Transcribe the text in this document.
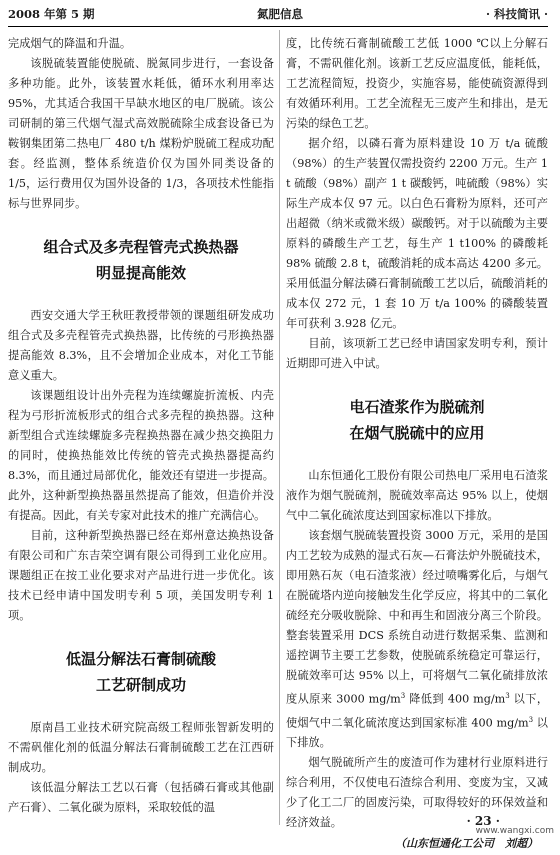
2008 年第 5 期	氮肥信息	· 科技简讯 ·

完成烟气的降温和升温。

该脱硫装置能使脱硫、脱氮同步进行，一套设备多种功能。此外，该装置水耗低，循环水利用率达 95%，尤其适合我国干旱缺水地区的电厂脱硫。该公司研制的第三代烟气湿式高效脱硫除尘成套设备已为鞍钢集团第二热电厂 480 t/h 煤粉炉脱硫工程成功配套。经监测，整体系统造价仅为国外同类设备的 1/5，运行费用仅为国外设备的 1/3，各项技术性能指标与世界同步。

组合式及多壳程管壳式换热器
明显提高能效

西安交通大学王秋旺教授带领的课题组研发成功组合式及多壳程管壳式换热器，比传统的弓形换热器提高能效 8.3%，且不会增加企业成本，对化工节能意义重大。

该课题组设计出外壳程为连续螺旋折流板、内壳程为弓形折流板形式的组合式多壳程的换热器。这种新型组合式连续螺旋多壳程换热器在减少热交换阻力的同时，使换热能效比传统的管壳式换热器提高约 8.3%，而且通过局部优化，能效还有望进一步提高。此外，这种新型换热器虽然提高了能效，但造价并没有提高。因此，有关专家对此技术的推广充满信心。

目前，这种新型换热器已经在郑州意达换热设备有限公司和广东吉荣空调有限公司得到工业化应用。课题组正在按工业化要求对产品进行进一步优化。该技术已经申请中国发明专利 5 项，美国发明专利 1 项。

低温分解法石膏制硫酸
工艺研制成功

原南昌工业技术研究院高级工程师张智新发明的不需矾催化剂的低温分解法石膏制硫酸工艺在江西研制成功。

该低温分解法工艺以石膏（包括磷石膏或其他副产石膏）、二氧化碳为原料，采取较低的温

度，比传统石膏制硫酸工艺低 1000 ℃以上分解石膏，不需矾催化剂。该新工艺反应温度低，能耗低，工艺流程简短，投资少，实施容易，能使硫资源得到有效循环利用。工艺全流程无三废产生和排出，是无污染的绿色工艺。

据介绍，以磷石膏为原料建设 10 万 t/a 硫酸（98%）的生产装置仅需投资约 2200 万元。生产 1 t 硫酸（98%）副产 1 t 碳酸钙，吨硫酸（98%）实际生产成本仅 97 元。以白色石膏粉为原料，还可产出超微（纳米或微米级）碳酸钙。对于以硫酸为主要原料的磷酸生产工艺，每生产 1 t100% 的磷酸耗 98% 硫酸 2.8 t，硫酸消耗的成本高达 4200 多元。采用低温分解法磷石膏制硫酸工艺以后，硫酸消耗的成本仅 272 元，1 套 10 万 t/a 100% 的磷酸装置年可获利 3.928 亿元。

目前，该项新工艺已经申请国家发明专利，预计近期即可进入中试。

电石渣浆作为脱硫剂
在烟气脱硫中的应用

山东恒通化工股份有限公司热电厂采用电石渣浆液作为烟气脱硫剂，脱硫效率高达 95% 以上，使烟气中二氧化硫浓度达到国家标准以下排放。

该套烟气脱硫装置投资 3000 万元，采用的是国内工艺较为成熟的湿式石灰—石膏法炉外脱硫技术，即用熟石灰（电石渣浆液）经过喷嘴雾化后，与烟气在脱硫塔内逆向接触发生化学反应，将其中的二氧化硫经充分吸收脱除、中和再生和固液分离三个阶段。整套装置采用 DCS 系统自动进行数据采集、监测和遥控调节主要工艺参数，使脱硫系统稳定可靠运行，脱硫效率可达 95% 以上，可将烟气二氧化硫排放浓度从原来 3000 $mg/m^3$ 降低到 400 $mg/m^3$ 以下，使烟气中二氧化硫浓度达到国家标准 400 $mg/m^3$ 以下排放。

烟气脱硫所产生的废渣可作为建材行业原料进行综合利用，不仅使电石渣综合利用、变废为宝，又减少了化工二厂的固废污染，可取得较好的环保效益和经济效益。

（山东恒通化工公司　刘超）
· 23 ·
www.wangxi.com
